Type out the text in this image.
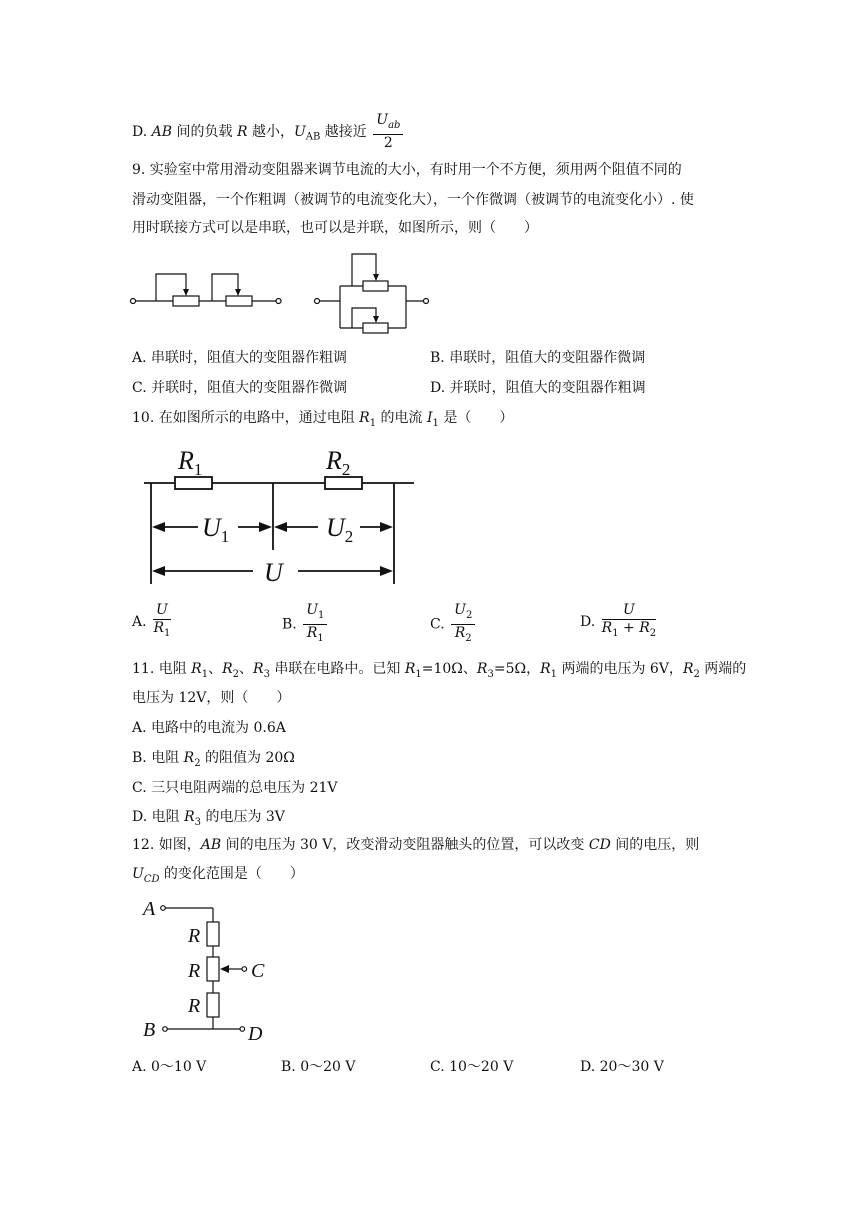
D. AB 间的负载 R 越小，$U_{AB}$ 越接近 $\frac{U_{ab}}{2}$
9. 实验室中常用滑动变阻器来调节电流的大小，有时用一个不方便，须用两个阻值不同的
滑动变阻器，一个作粗调（被调节的电流变化大），一个作微调（被调节的电流变化小）. 使
用时联接方式可以是串联，也可以是并联，如图所示，则（　　）
A. 串联时，阻值大的变阻器作粗调	B. 串联时，阻值大的变阻器作微调
C. 并联时，阻值大的变阻器作微调	D. 并联时，阻值大的变阻器作粗调
10. 在如图所示的电路中，通过电阻 $R_1$ 的电流 $I_1$ 是（　　）
$R_1$	$R_2$
$U_1$	$U_2$
U
A. $\frac{U}{R_1}$	B. $\frac{U_1}{R_1}$	C. $\frac{U_2}{R_2}$	D. $\frac{U}{R_1 + R_2}$
11. 电阻 $R_1$、$R_2$、$R_3$ 串联在电路中。已知 $R_1=10\Omega$、$R_3=5\Omega$，$R_1$ 两端的电压为 6V，$R_2$ 两端的
电压为 12V，则（　　）
A. 电路中的电流为 0.6A
B. 电阻 $R_2$ 的阻值为 20Ω
C. 三只电阻两端的总电压为 21V
D. 电阻 $R_3$ 的电压为 3V
12. 如图，AB 间的电压为 30 V，改变滑动变阻器触头的位置，可以改变 CD 间的电压，则
$U_{CD}$ 的变化范围是（　　）
A
R
R	C
R
B	D
A. 0～10 V	B. 0～20 V	C. 10～20 V	D. 20～30 V
